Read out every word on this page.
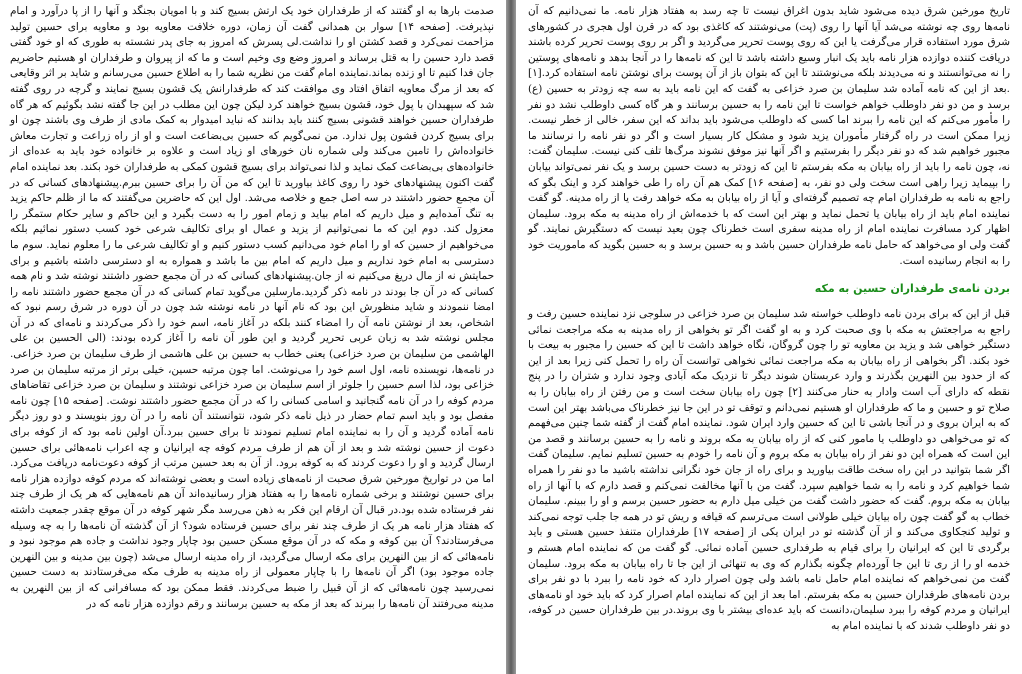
صدمت بارها به او گفتند که از طرفداران خود یک ارتش بسیج کند و با امویان بجنگد و آنها را از پا درآورد و امام نپذیرفت. [صفحه ۱۴] سوار بن همدانی گفت آن زمان، دوره خلافت معاویه بود و معاویه برای حسین تولید مزاحمت نمی‌کرد و قصد کشتن او را نداشت.لی پسرش که امروز به جای پدر نشسته به طوری که او خود گفتی قصد دارد حسین را به قتل برساند و امروز وضع وی وخیم است و ما که از پیروان و طرفداران او هستیم حاضریم جان فدا کنیم تا او زنده بماند.نماینده امام گفت من نظریه شما را به اطلاع حسین می‌رسانم و شاید بر اثر وقایعی که بعد از مرگ معاویه اتفاق افتاد وی موافقت کند که طرفدارانش یک قشون بسیج نمایند و گرچه در روی گفته شد که سپهبدان با پول خود، قشون بسیج خواهند کرد لیکن چون این مطلب در این جا گفته نشد بگوئیم که هر گاه طرفداران حسین خواهند قشونی بسیج کنند باید بدانند که نباید امیدوار به کمک مادی از طرف وی باشند چون او برای بسیج کردن قشون پول ندارد. من نمی‌گویم که حسین بی‌بضاعت است و او از راه زراعت و تجارت معاش خانواده‌اش را تامین می‌کند ولی شماره نان خورهای او زیاد است و علاوه بر خانواده خود باید به عده‌ای از خانواده‌های بی‌بضاعت کمک نماید و لذا نمی‌تواند برای بسیج قشون کمکی به طرفداران خود بکند. بعد نماینده امام گفت اکنون پیشنهادهای خود را روی کاغذ بیاورید تا این که من آن را برای حسین ببرم.پیشنهادهای کسانی که در آن مجمع حضور داشتند در سه اصل جمع و خلاصه می‌شد. اول این که حاضرین می‌گفتند که ما از ظلم حاکم یزید به تنگ آمده‌ایم و میل داریم که امام بیاید و زمام امور را به دست بگیرد و این حاکم و سایر حکام ستمگر را معزول کند. دوم این که ما نمی‌توانیم از یزید و عمال او برای تکالیف شرعی خود کسب دستور نمائیم بلکه می‌خواهیم از حسین که او را امام خود می‌دانیم کسب دستور کنیم و او تکالیف شرعی ما را معلوم نماید. سوم ما دسترسی به امام خود نداریم و میل داریم که امام بین ما باشد و همواره به او دسترسی داشته باشیم و برای حمایتش نه از مال دریغ می‌کنیم نه از جان.پیشنهادهای کسانی که در آن مجمع حضور داشتند نوشته شد و نام همه کسانی که در آن جا بودند در نامه ذکر گردید.مارسلین می‌گوید تمام کسانی که در آن مجمع حضور داشتند نامه را امضا ننمودند و شاید منظورش این بود که نام آنها در نامه نوشته شد چون در آن دوره در شرق رسم نبود که اشخاص، بعد از نوشتن نامه آن را امضاء کنند بلکه در آغاز نامه، اسم خود را ذکر می‌کردند و نامه‌ای که در آن مجلس نوشته شد به زبان عربی تحریر گردید و این طور آن نامه را آغاز کرده بودند: (الی الحسین بن علی الهاشمی من سلیمان بن صرد خزاعی) یعنی خطاب به حسین بن علی هاشمی از طرف سلیمان بن صرد خزاعی. در نامه‌ها، نویسنده نامه، اول اسم خود را می‌نوشت. اما چون مرتبه حسین، خیلی برتر از مرتبه سلیمان بن صرد خزاعی بود، لذا اسم حسین را جلوتر از اسم سلیمان بن صرد خزاعی نوشتند و سلیمان بن صرد خزاعی تقاضاهای مردم کوفه را در آن نامه گنجانید و اسامی کسانی را که در آن مجمع حضور داشتند نوشت. [صفحه ۱۵] چون نامه مفصل بود و باید اسم تمام حضار در ذیل نامه ذکر شود، نتوانستند آن نامه را در آن روز بنویسند و دو روز دیگر نامه آماده گردید و آن را به نماینده امام تسلیم نمودند تا برای حسین ببرد.آن اولین نامه بود که از کوفه برای دعوت از حسین نوشته شد و بعد از آن هم از طرف مردم کوفه چه ایرانیان و چه اعراب نامه‌هائی برای حسین ارسال گردید و او را دعوت کردند که به کوفه برود. از آن به بعد حسین مرتب از کوفه دعوت‌نامه دریافت می‌کرد. اما من در تواریخ مورخین شرق صحبت از نامه‌های زیاده است و بعضی نوشته‌اند که مردم کوفه دوازده هزار نامه برای حسین نوشتند و برخی شماره نامه‌ها را به هفتاد هزار رسانیده‌اند آن هم نامه‌هایی که هر یک از طرف چند نفر فرستاده شده بود.در قبال آن ارقام این فکر به ذهن می‌رسد مگر شهر کوفه در آن موقع چقدر جمعیت داشته که هفتاد هزار نامه هر یک از طرف چند نفر برای حسین فرستاده شود؟ از آن گذشته آن نامه‌ها را به چه وسیله می‌فرستادند؟ آن بین کوفه و مکه که در آن موقع مسکن حسین بود چاپار وجود نداشت و جاده هم موجود نبود و نامه‌هائی که از بین النهرین برای مکه ارسال می‌گردید، از راه مدینه ارسال می‌شد (چون بین مدینه و بین النهرین جاده موجود بود) اگر آن نامه‌ها را با چاپار معمولی از راه مدینه به طرف مکه می‌فرستادند به دست حسین نمی‌رسید چون نامه‌هائی که از آن قبیل را ضبط می‌کردند. فقط ممکن بود که مسافرانی که از بین النهرین به مدینه می‌رفتند آن نامه‌ها را ببرند که بعد از مکه به حسین برسانند و رقم دوازده هزار نامه که در

تاریخ مورخین شرق دیده می‌شود شاید بدون اغراق نیست تا چه رسد به هفتاد هزار نامه. ما نمی‌دانیم که آن نامه‌ها روی چه نوشته می‌شد آیا آنها را روی (پت) می‌نوشتند که کاغذی بود که در قرن اول هجری در کشورهای شرق مورد استفاده قرار می‌گرفت یا این که روی پوست تحریر می‌گردید و اگر بر روی پوست تحریر کرده باشند دریافت کننده دوازده هزار نامه باید یک انبار وسیع داشته باشد تا این که نامه‌ها را در آنجا بدهد و نامه‌های پوستین را نه می‌توانستند و نه می‌دیدند بلکه می‌نوشتند تا این که بتوان باز از آن پوست برای نوشتن نامه استفاده کرد.[۱] .بعد از این که نامه آماده شد سلیمان بن صرد خزاعی به گفت که این نامه باید به سه چه زودتر به حسین (ع) برسد و من دو نفر داوطلب خواهم خواست تا این نامه را به حسین برسانند و هر گاه کسی داوطلب نشد دو نفر را مأمور می‌کنم که این نامه را ببرند اما کسی که داوطلب می‌شود باید بداند که این سفر، خالی از خطر نیست. زیرا ممکن است در راه گرفتار مأموران یزید شود و مشکل کار بسیار است و اگر دو نفر نامه را نرسانند ما مجبور خواهیم شد که دو نفر دیگر را بفرستیم و اگر آنها نیز موفق نشوند مرگ‌ها تلف کنی نیست. سلیمان گفت: نه، چون نامه را باید از راه بیابان به مکه بفرستم تا این که زودتر به دست حسین برسد و یک نفر نمی‌تواند بیابان را بپیماید زیرا راهی است سخت ولی دو نفر، به [صفحه ۱۶] کمک هم آن راه را طی خواهند کرد و اینک بگو که راجع به نامه به طرفداران امام چه تصمیم گرفته‌ای و آیا از راه بیابان به مکه خواهد رفت یا از راه مدینه. گو گفت نماینده امام باید از راه بیابان یا تحمل نماید و بهتر این است که با خدمه‌اش از راه مدینه به مکه برود. سلیمان اظهار کرد مسافرت نماینده امام از راه مدینه سفری است خطرناک چون بعید نیست که دستگیرش نمایند. گو گفت ولی او می‌خواهد که حامل نامه طرفداران حسین باشد و به حسین برسد و به حسین بگوید که ماموریت خود را به انجام رسانیده است.

بردن نامه‌ی طرفداران حسین به مکه

قبل از این که برای بردن نامه داوطلب خواسته شد سلیمان بن صرد خزاعی در سلوجی نزد نماینده حسین رفت و راجع به مراجعتش به مکه با وی صحبت کرد و به او گفت اگر تو بخواهی از راه مدینه به مکه مراجعت نمائی دستگیر خواهی شد و یزید بن معاویه تو را چون گروگان، نگاه خواهد داشت تا این که حسین را مجبور به بیعت با خود بکند. اگر بخواهی از راه بیابان به مکه مراجعت نمائی نخواهی توانست آن راه را تحمل کنی زیرا بعد از این که از حدود بین النهرین بگذرند و وارد عربستان شوند دیگر تا نزدیک مکه آبادی وجود ندارد و شتران را در پنج نقطه که دارای آب است وادار به حنار می‌کنند [۲] چون راه بیابان سخت است و من رفتن از راه بیابان را به صلاح تو و حسین و ما که طرفداران او هستیم نمی‌دانم و توقف تو در این جا نیز خطرناک می‌باشد بهتر این است که به ایران بروی و در آنجا باشی تا این که حسین وارد ایران شود. نماینده امام گفت از گفته شما چنین می‌فهمم که تو می‌خواهی دو داوطلب یا مامور کنی که از راه بیابان به مکه بروند و نامه را به حسین برسانند و قصد من این است که همراه این دو نفر از راه بیابان به مکه بروم و آن نامه را خودم به حسین تسلیم نمایم. سلیمان گفت اگر شما بتوانید در این راه سخت طاقت بیاورید و برای راه از جان خود نگرانی نداشته باشید ما دو نفر را همراه شما خواهیم کرد و نامه را به شما خواهیم سپرد. گفت من با آنها مخالفت نمی‌کنم و قصد دارم که با آنها از راه بیابان به مکه بروم. گفت که حضور داشت گفت من خیلی میل دارم به حضور حسین برسم و او را ببینم. سلیمان خطاب به گو گفت چون راه بیابان خیلی طولانی است می‌ترسم که قیافه و ریش تو در همه جا جلب توجه نمی‌کند و تولید کنجکاوی می‌کند و از آن گذشته تو در ایران یکی از [صفحه ۱۷] طرفداران متنفذ حسین هستی و باید برگردی تا این که ایرانیان را برای قیام به طرفداری حسین آماده نمائی. گو گفت من که نماینده امام هستم و خدمه او را از ری تا این جا آورده‌ام چگونه بگذارم که وی به تنهائی از این جا تا راه بیابان به مکه برود. سلیمان گفت من نمی‌خواهم که نماینده امام حامل نامه باشد ولی چون اصرار دارد که خود نامه را ببرد با دو نفر برای بردن نامه‌های طرفداران حسین به مکه بفرستم. اما بعد از این که نماینده امام اصرار کرد که باید خود او نامه‌های ایرانیان و مردم کوفه را ببرد سلیمان،دانست که باید عده‌ای بیشتر با وی بروند.در بین طرفداران حسین در کوفه، دو نفر داوطلب شدند که با نماینده امام به
